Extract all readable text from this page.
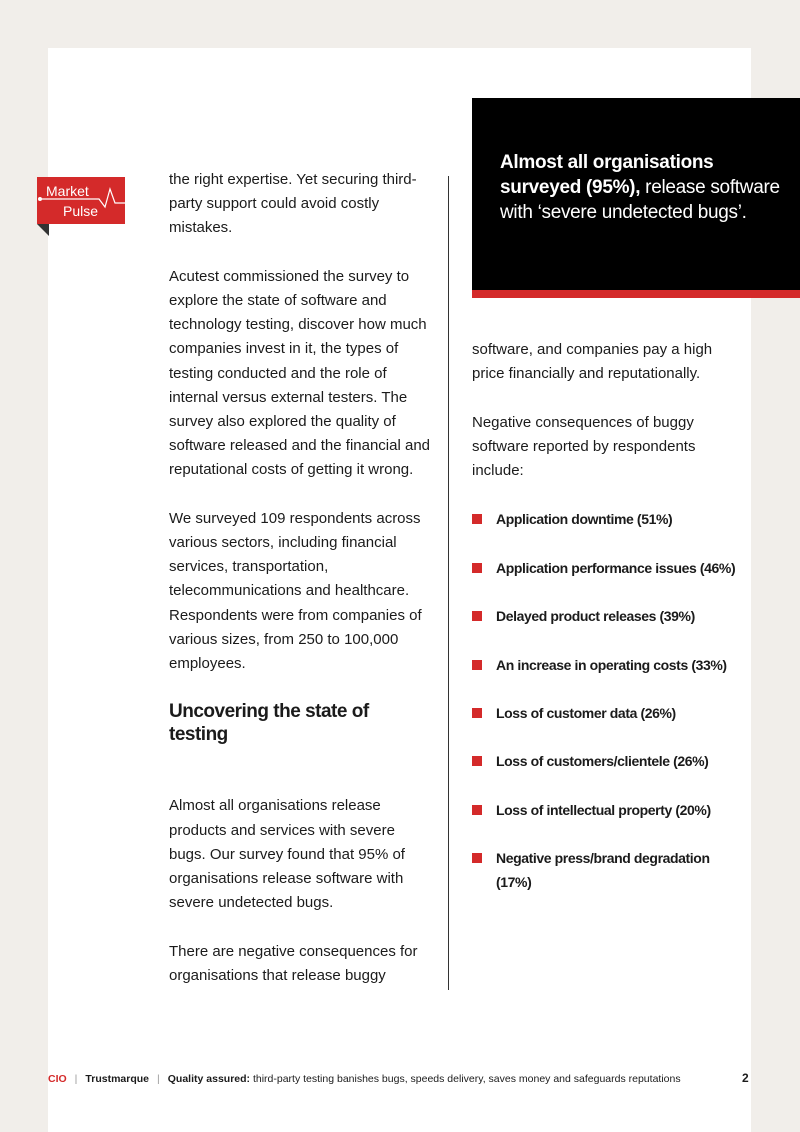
Market
Pulse

the right expertise. Yet securing third-party support could avoid costly mistakes.

Acutest commissioned the survey to explore the state of software and technology testing, discover how much companies invest in it, the types of testing conducted and the role of internal versus external testers. The survey also explored the quality of software released and the financial and reputational costs of getting it wrong.

We surveyed 109 respondents across various sectors, including financial services, transportation, telecommunications and healthcare. Respondents were from companies of various sizes, from 250 to 100,000 employees.

Uncovering the state of testing

Almost all organisations release products and services with severe bugs. Our survey found that 95% of organisations release software with severe undetected bugs.

There are negative consequences for organisations that release buggy

Almost all organisations surveyed (95%), release software with ‘severe undetected bugs’.

software, and companies pay a high price financially and reputationally.

Negative consequences of buggy software reported by respondents include:

Application downtime (51%)
Application performance issues (46%)
Delayed product releases (39%)
An increase in operating costs (33%)
Loss of customer data (26%)
Loss of customers/clientele (26%)
Loss of intellectual property (20%)
Negative press/brand degradation (17%)
CIO | Trustmarque | Quality assured: third-party testing banishes bugs, speeds delivery, saves money and safeguards reputations	2
